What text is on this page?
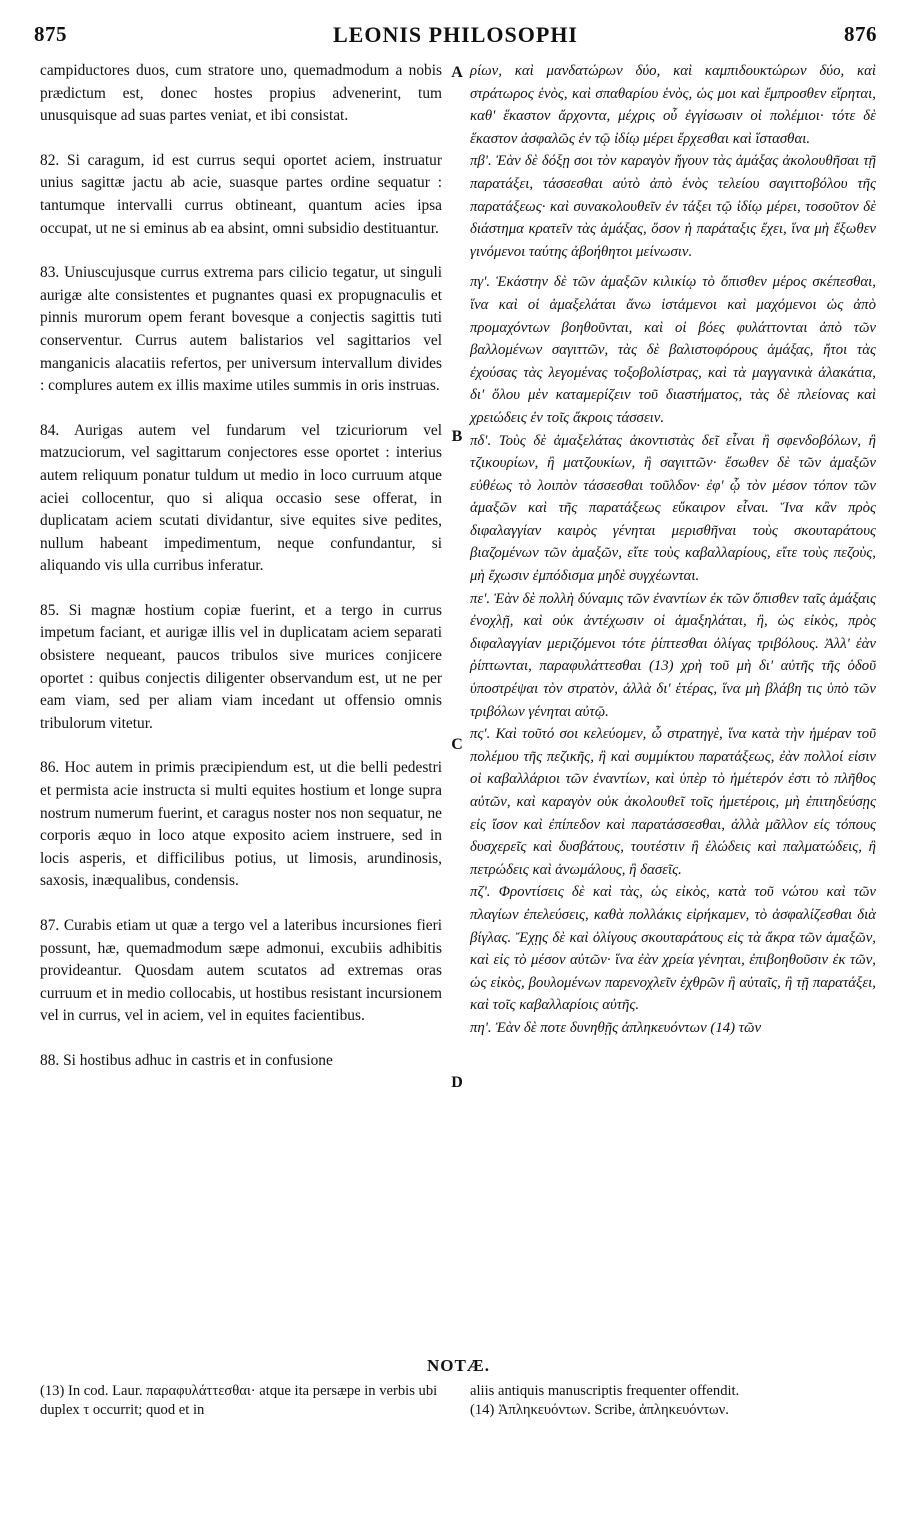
875	LEONIS PHILOSOPHI	876

campiductores duos, cum stratore uno, quemadmodum a nobis prædictum est, donec hostes propius advenerint, tum unusquisque ad suas partes veniat, et ibi consistat.

82. Si caragum, id est currus sequi oportet aciem, instruatur unius sagittæ jactu ab acie, suasque partes ordine sequatur : tantumque intervalli currus obtineant, quantum acies ipsa occupat, ut ne si eminus ab ea absint, omni subsidio destituantur.

83. Uniuscujusque currus extrema pars cilicio tegatur, ut singuli aurigæ alte consistentes et pugnantes quasi ex propugnaculis et pinnis murorum opem ferant bovesque a conjectis sagittis tuti conserventur. Currus autem balistarios vel sagittarios vel manganicis alacatiis refertos, per universum intervallum divides : complures autem ex illis maxime utiles summis in oris instruas.

84. Aurigas autem vel fundarum vel tzicuriorum vel matzuciorum, vel sagittarum conjectores esse oportet : interius autem reliquum ponatur tuldum ut medio in loco curruum atque aciei collocentur, quo si aliqua occasio sese offerat, in duplicatam aciem scutati dividantur, sive equites sive pedites, nullum habeant impedimentum, neque confundantur, si aliquando vis ulla curribus inferatur.

85. Si magnæ hostium copiæ fuerint, et a tergo in currus impetum faciant, et aurigæ illis vel in duplicatam aciem separati obsistere nequeant, paucos tribulos sive murices conjicere oportet : quibus conjectis diligenter observandum est, ut ne per eam viam, sed per aliam viam incedant ut offensio omnis tribulorum vitetur.

86. Hoc autem in primis præcipiendum est, ut die belli pedestri et permista acie instructa si multi equites hostium et longe supra nostrum numerum fuerint, et caragus noster nos non sequatur, ne corporis æquo in loco atque exposito aciem instruere, sed in locis asperis, et difficilibus potius, ut limosis, arundinosis, saxosis, inæqualibus, condensis.

87. Curabis etiam ut quæ a tergo vel a lateribus incursiones fieri possunt, hæ, quemadmodum sæpe admonui, excubiis adhibitis provideantur. Quosdam autem scutatos ad extremas oras curruum et in medio collocabis, ut hostibus resistant incursionem vel in currus, vel in aciem, vel in equites facientibus.

88. Si hostibus adhuc in castris et in confusione

A
B
C
D

ρίων, καὶ μανδατώρων δύο, καὶ καμπιδουκτώρων δύο, καὶ στράτωρος ἑνὸς, καὶ σπαθαρίου ἑνὸς, ὡς μοι καὶ ἔμπροσθεν εἴρηται, καθ' ἕκαστον ἄρχοντα, μέχρις οὗ ἐγγίσωσιν οἱ πολέμιοι· τότε δὲ ἕκαστον ἀσφαλῶς ἐν τῷ ἰδίῳ μέρει ἔρχεσθαι καὶ ἵστασθαι.

πβ'. Ἐὰν δὲ δόξῃ σοι τὸν καραγὸν ἤγουν τὰς ἁμάξας ἀκολουθῆσαι τῇ παρατάξει, τάσσεσθαι αὐτὸ ἀπὸ ἑνὸς τελείου σαγιττοβόλου τῆς παρατάξεως· καὶ συνακολουθεῖν ἐν τάξει τῷ ἰδίῳ μέρει, τοσοῦτον δὲ διάστημα κρατεῖν τὰς ἁμάξας, ὅσον ἡ παράταξις ἔχει, ἵνα μὴ ἔξωθεν γινόμενοι ταύτης ἀβοήθητοι μείνωσιν.

πγ'. Ἑκάστην δὲ τῶν ἁμαξῶν κιλικίῳ τὸ ὄπισθεν μέρος σκέπεσθαι, ἵνα καὶ οἱ ἁμαξελάται ἄνω ἱστάμενοι καὶ μαχόμενοι ὡς ἀπὸ προμαχόντων βοηθοῦνται, καὶ οἱ βόες φυλάττονται ἀπὸ τῶν βαλλομένων σαγιττῶν, τὰς δὲ βαλιστοφόρους ἁμάξας, ἤτοι τὰς ἐχούσας τὰς λεγομένας τοξοβολίστρας, καὶ τὰ μαγγανικὰ ἀλακάτια, δι' ὅλου μὲν καταμερίζειν τοῦ διαστήματος, τὰς δὲ πλείονας καὶ χρειώδεις ἐν τοῖς ἄκροις τάσσειν.

πδ'. Τοὺς δὲ ἁμαξελάτας ἀκοντιστὰς δεῖ εἶναι ἢ σφενδοβόλων, ἢ τζικουρίων, ἢ ματζουκίων, ἢ σαγιττῶν· ἔσωθεν δὲ τῶν ἁμαξῶν εὐθέως τὸ λοιπὸν τάσσεσθαι τοῦλδον· ἐφ' ᾧ τὸν μέσον τόπον τῶν ἁμαξῶν καὶ τῆς παρατάξεως εὔκαιρον εἶναι. Ἵνα κἂν πρὸς διφαλαγγίαν καιρὸς γένηται μερισθῆναι τοὺς σκουταράτους βιαζομένων τῶν ἁμαξῶν, εἴτε τοὺς καβαλλαρίους, εἴτε τοὺς πεζοὺς, μὴ ἔχωσιν ἐμπόδισμα μηδὲ συγχέωνται.

πε'. Ἐὰν δὲ πολλὴ δύναμις τῶν ἐναντίων ἐκ τῶν ὄπισθεν ταῖς ἁμάξαις ἐνοχλῇ, καὶ οὐκ ἀντέχωσιν οἱ ἁμαξηλάται, ἢ, ὡς εἰκὸς, πρὸς διφαλαγγίαν μεριζόμενοι τότε ῥίπτεσθαι ὀλίγας τριβόλους. Ἀλλ' ἐὰν ῥίπτωνται, παραφυλάττεσθαι (13) χρὴ τοῦ μὴ δι' αὐτῆς τῆς ὁδοῦ ὑποστρέψαι τὸν στρατὸν, ἀλλὰ δι' ἑτέρας, ἵνα μὴ βλάβη τις ὑπὸ τῶν τριβόλων γένηται αὐτῷ.

πς'. Καὶ τοῦτό σοι κελεύομεν, ὦ στρατηγὲ, ἵνα κατὰ τὴν ἡμέραν τοῦ πολέμου τῆς πεζικῆς, ἢ καὶ συμμίκτου παρατάξεως, ἐὰν πολλοί εἰσιν οἱ καβαλλάριοι τῶν ἐναντίων, καὶ ὑπὲρ τὸ ἡμέτερόν ἐστι τὸ πλῆθος αὐτῶν, καὶ καραγὸν οὐκ ἀκολουθεῖ τοῖς ἡμετέροις, μὴ ἐπιτηδεύσῃς εἰς ἴσον καὶ ἐπίπεδον καὶ παρατάσσεσθαι, ἀλλὰ μᾶλλον εἰς τόπους δυσχερεῖς καὶ δυσβάτους, τουτέστιν ἢ ἑλώδεις καὶ παλματώδεις, ἢ πετρώδεις καὶ ἀνωμάλους, ἢ δασεῖς.

πζ'. Φροντίσεις δὲ καὶ τὰς, ὡς εἰκὸς, κατὰ τοῦ νώτου καὶ τῶν πλαγίων ἐπελεύσεις, καθὰ πολλάκις εἰρήκαμεν, τὸ ἀσφαλίζεσθαι διὰ βίγλας. Ἔχῃς δὲ καὶ ὀλίγους σκουταράτους εἰς τὰ ἄκρα τῶν ἁμαξῶν, καὶ εἰς τὸ μέσον αὐτῶν· ἵνα ἐὰν χρεία γένηται, ἐπιβοηθοῦσιν ἐκ τῶν, ὡς εἰκὸς, βουλομένων παρενοχλεῖν ἐχθρῶν ἢ αὐταῖς, ἢ τῇ παρατάξει, καὶ τοῖς καβαλλαρίοις αὐτῆς.

πη'. Ἐὰν δὲ ποτε δυνηθῇς ἀπληκευόντων (14) τῶν

NOTÆ.
(13) In cod. Laur. παραφυλάττεσθαι· atque ita persæpe in verbis ubi duplex τ occurrit; quod et in
aliis antiquis manuscriptis frequenter offendit.
(14) Ἀπληκευόντων. Scribe, ἀπληκευόντων.
